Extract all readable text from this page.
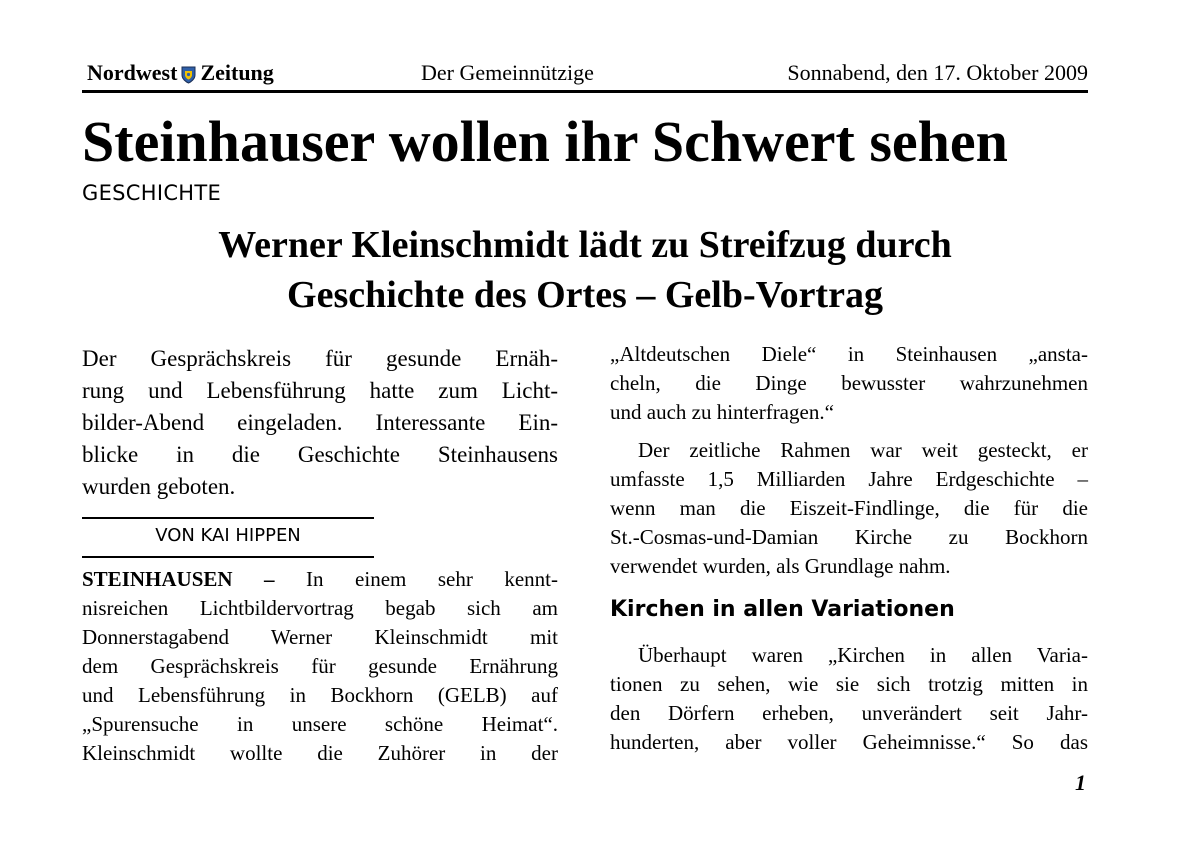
Nordwest Zeitung	Der Gemeinnützige	Sonnabend, den 17. Oktober 2009
Steinhauser wollen ihr Schwert sehen
GESCHICHTE
Werner Kleinschmidt lädt zu Streifzug durch
Geschichte des Ortes – Gelb-Vortrag
Der Gesprächskreis für gesunde Ernäh-
rung und Lebensführung hatte zum Licht-
bilder-Abend eingeladen. Interessante Ein-
blicke in die Geschichte Steinhausens
wurden geboten.
VON KAI HIPPEN
STEINHAUSEN – In einem sehr kennt-
nisreichen Lichtbildervortrag begab sich am
Donnerstagabend Werner Kleinschmidt mit
dem Gesprächskreis für gesunde Ernährung
und Lebensführung in Bockhorn (GELB) auf
„Spurensuche in unsere schöne Heimat“.
Kleinschmidt wollte die Zuhörer in der
„Altdeutschen Diele“ in Steinhausen „ansta-
cheln, die Dinge bewusster wahrzunehmen
und auch zu hinterfragen.“
Der zeitliche Rahmen war weit gesteckt, er
umfasste 1,5 Milliarden Jahre Erdgeschichte –
wenn man die Eiszeit-Findlinge, die für die
St.-Cosmas-und-Damian Kirche zu Bockhorn
verwendet wurden, als Grundlage nahm.
Kirchen in allen Variationen
Überhaupt waren „Kirchen in allen Varia-
tionen zu sehen, wie sie sich trotzig mitten in
den Dörfern erheben, unverändert seit Jahr-
hunderten, aber voller Geheimnisse.“ So das
1
